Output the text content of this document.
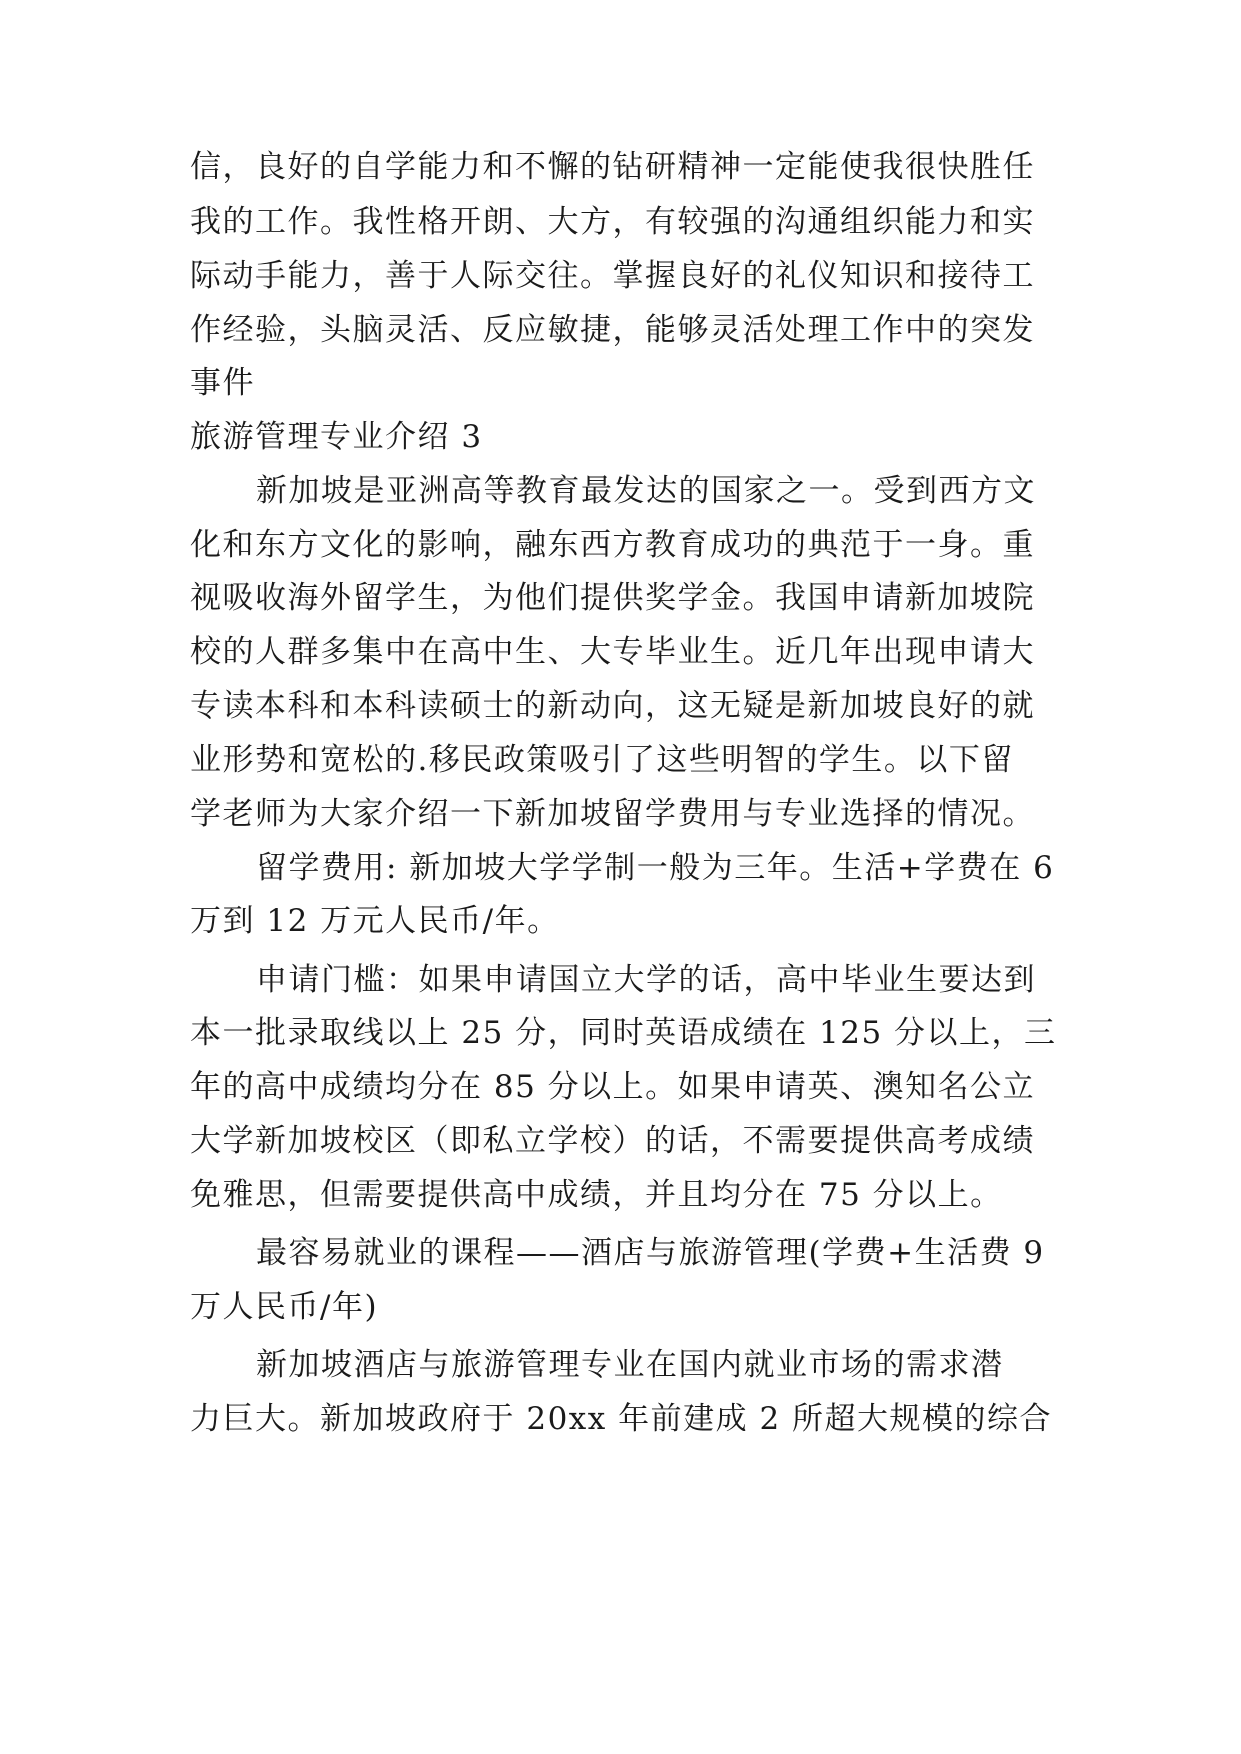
信，良好的自学能力和不懈的钻研精神一定能使我很快胜任
我的工作。我性格开朗、大方，有较强的沟通组织能力和实
际动手能力，善于人际交往。掌握良好的礼仪知识和接待工
作经验，头脑灵活、反应敏捷，能够灵活处理工作中的突发
事件
旅游管理专业介绍 3
新加坡是亚洲高等教育最发达的国家之一。受到西方文
化和东方文化的影响，融东西方教育成功的典范于一身。重
视吸收海外留学生，为他们提供奖学金。我国申请新加坡院
校的人群多集中在高中生、大专毕业生。近几年出现申请大
专读本科和本科读硕士的新动向，这无疑是新加坡良好的就
业形势和宽松的.移民政策吸引了这些明智的学生。以下留
学老师为大家介绍一下新加坡留学费用与专业选择的情况。
留学费用: 新加坡大学学制一般为三年。生活+学费在 6
万到 12 万元人民币/年。
申请门槛：如果申请国立大学的话，高中毕业生要达到
本一批录取线以上 25 分，同时英语成绩在 125 分以上，三
年的高中成绩均分在 85 分以上。如果申请英、澳知名公立
大学新加坡校区（即私立学校）的话，不需要提供高考成绩
免雅思，但需要提供高中成绩，并且均分在 75 分以上。
最容易就业的课程——酒店与旅游管理(学费+生活费 9
万人民币/年)
新加坡酒店与旅游管理专业在国内就业市场的需求潜
力巨大。新加坡政府于 20xx 年前建成 2 所超大规模的综合
